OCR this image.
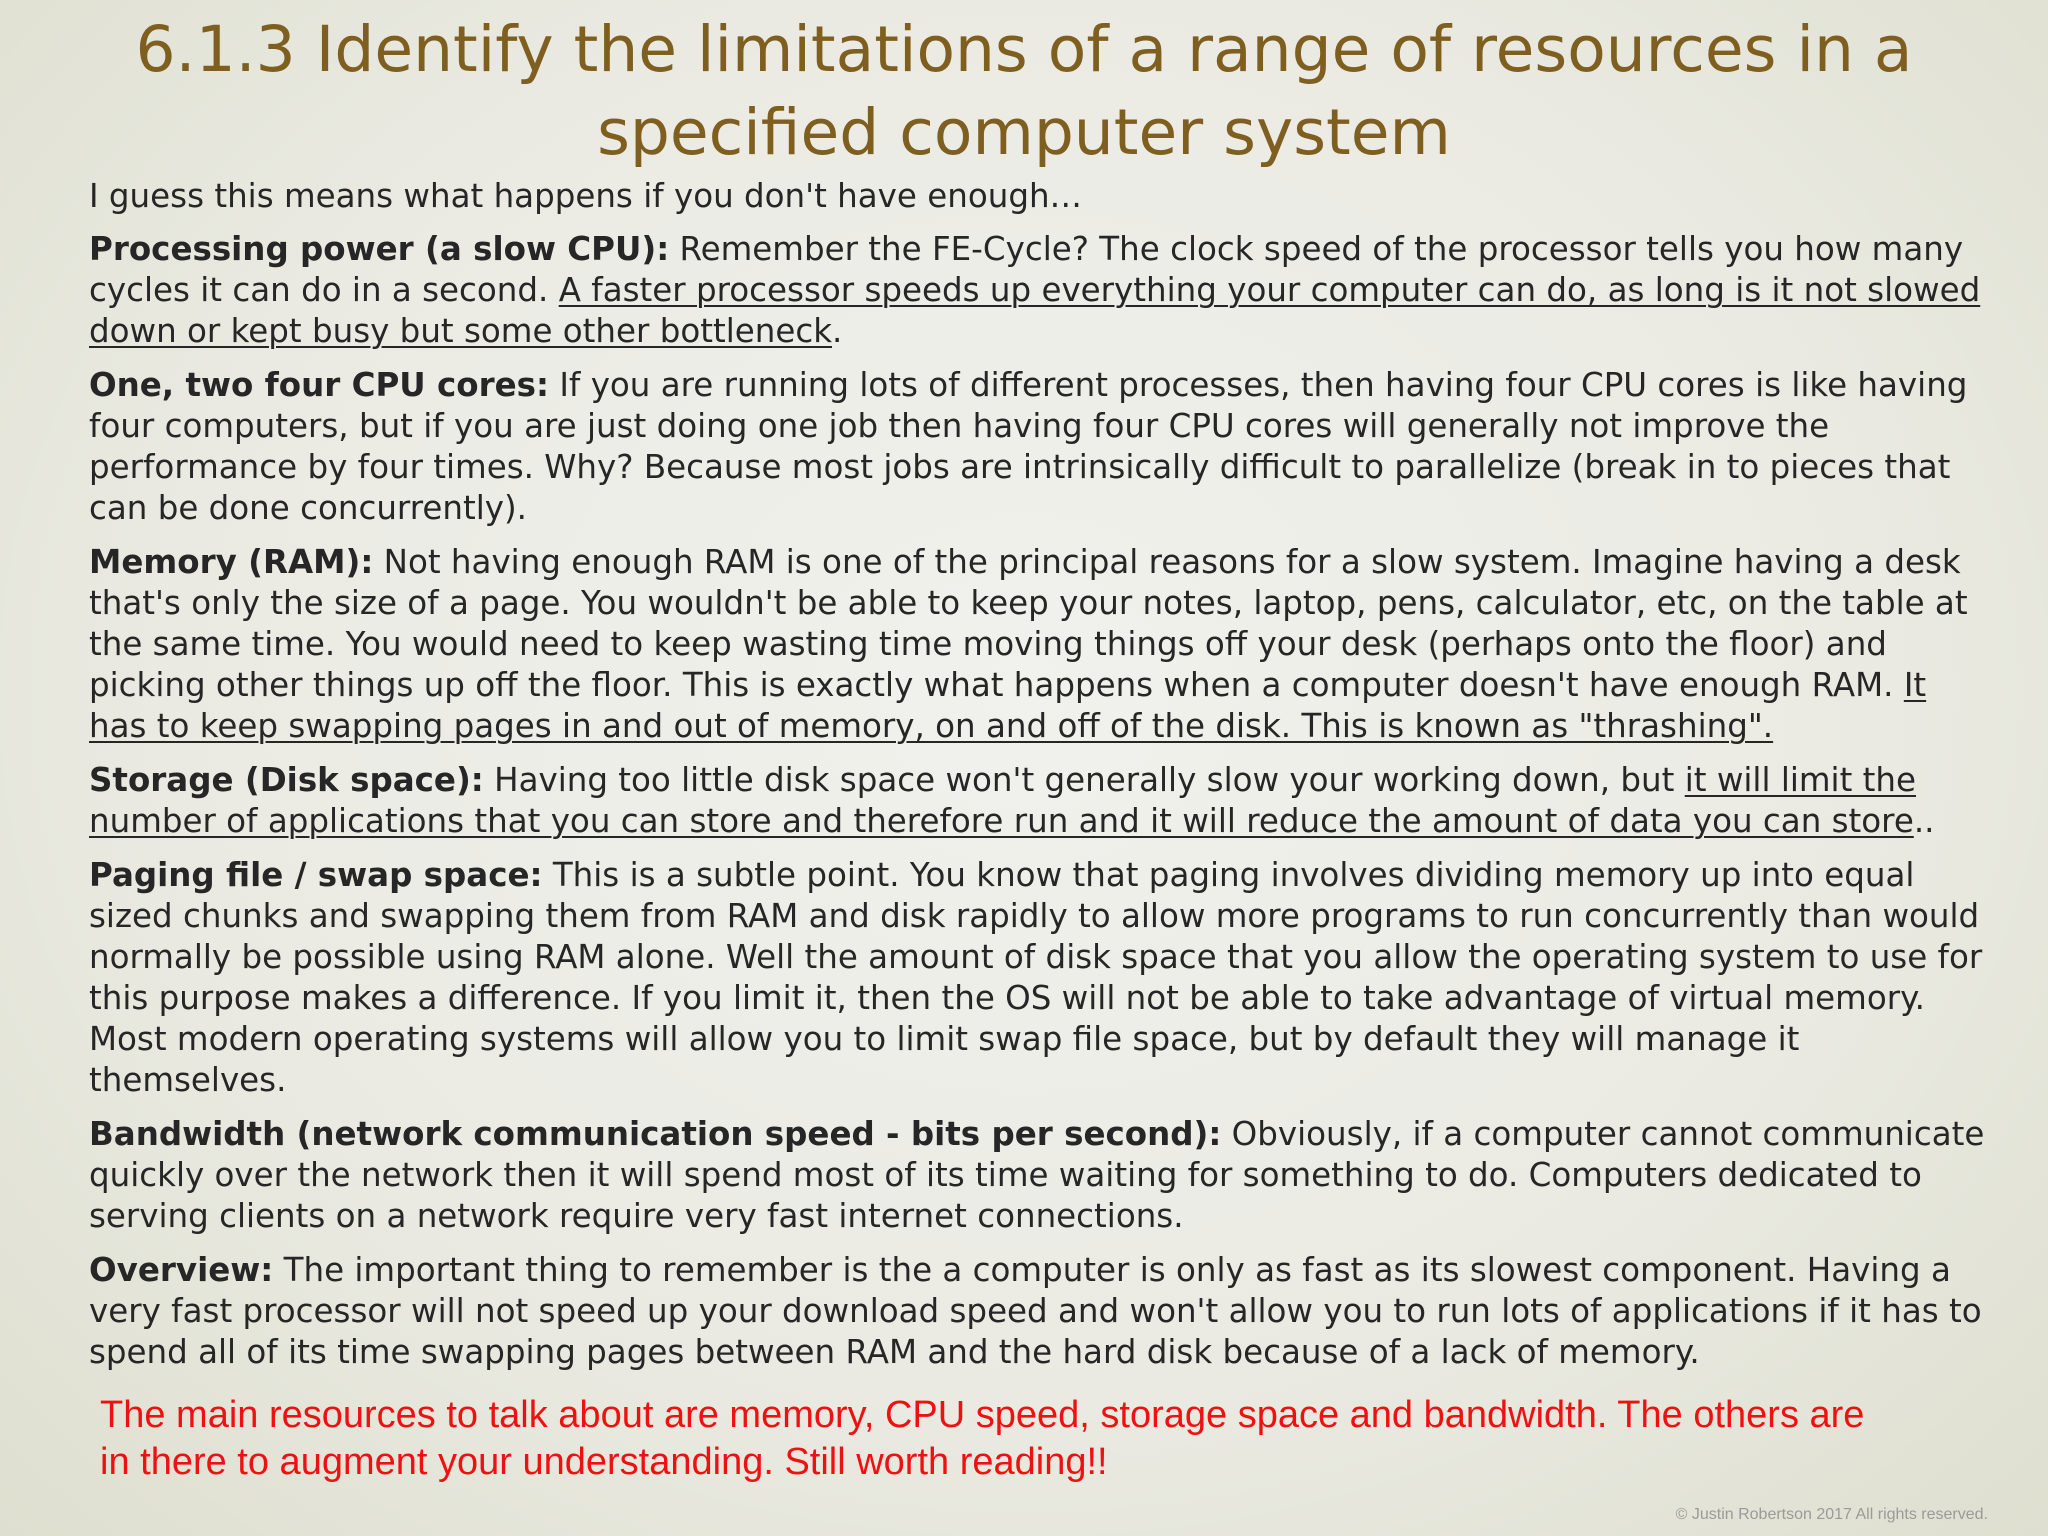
6.1.3 Identify the limitations of a range of resources in a specified computer system

I guess this means what happens if you don't have enough…

Processing power (a slow CPU): Remember the FE-Cycle? The clock speed of the processor tells you how many cycles it can do in a second. A faster processor speeds up everything your computer can do, as long is it not slowed down or kept busy but some other bottleneck.

One, two four CPU cores: If you are running lots of different processes, then having four CPU cores is like having four computers, but if you are just doing one job then having four CPU cores will generally not improve the performance by four times. Why? Because most jobs are intrinsically difficult to parallelize (break in to pieces that can be done concurrently).

Memory (RAM): Not having enough RAM is one of the principal reasons for a slow system. Imagine having a desk that's only the size of a page. You wouldn't be able to keep your notes, laptop, pens, calculator, etc, on the table at the same time. You would need to keep wasting time moving things off your desk (perhaps onto the floor) and picking other things up off the floor. This is exactly what happens when a computer doesn't have enough RAM. It has to keep swapping pages in and out of memory, on and off of the disk. This is known as "thrashing".

Storage (Disk space): Having too little disk space won't generally slow your working down, but it will limit the number of applications that you can store and therefore run and it will reduce the amount of data you can store..

Paging file / swap space: This is a subtle point. You know that paging involves dividing memory up into equal sized chunks and swapping them from RAM and disk rapidly to allow more programs to run concurrently than would normally be possible using RAM alone. Well the amount of disk space that you allow the operating system to use for this purpose makes a difference. If you limit it, then the OS will not be able to take advantage of virtual memory. Most modern operating systems will allow you to limit swap file space, but by default they will manage it themselves.

Bandwidth (network communication speed - bits per second): Obviously, if a computer cannot communicate quickly over the network then it will spend most of its time waiting for something to do. Computers dedicated to serving clients on a network require very fast internet connections.

Overview: The important thing to remember is the a computer is only as fast as its slowest component. Having a very fast processor will not speed up your download speed and won't allow you to run lots of applications if it has to spend all of its time swapping pages between RAM and the hard disk because of a lack of memory.

The main resources to talk about are memory, CPU speed, storage space and bandwidth. The others are in there to augment your understanding. Still worth reading!!
© Justin Robertson 2017 All rights reserved.
